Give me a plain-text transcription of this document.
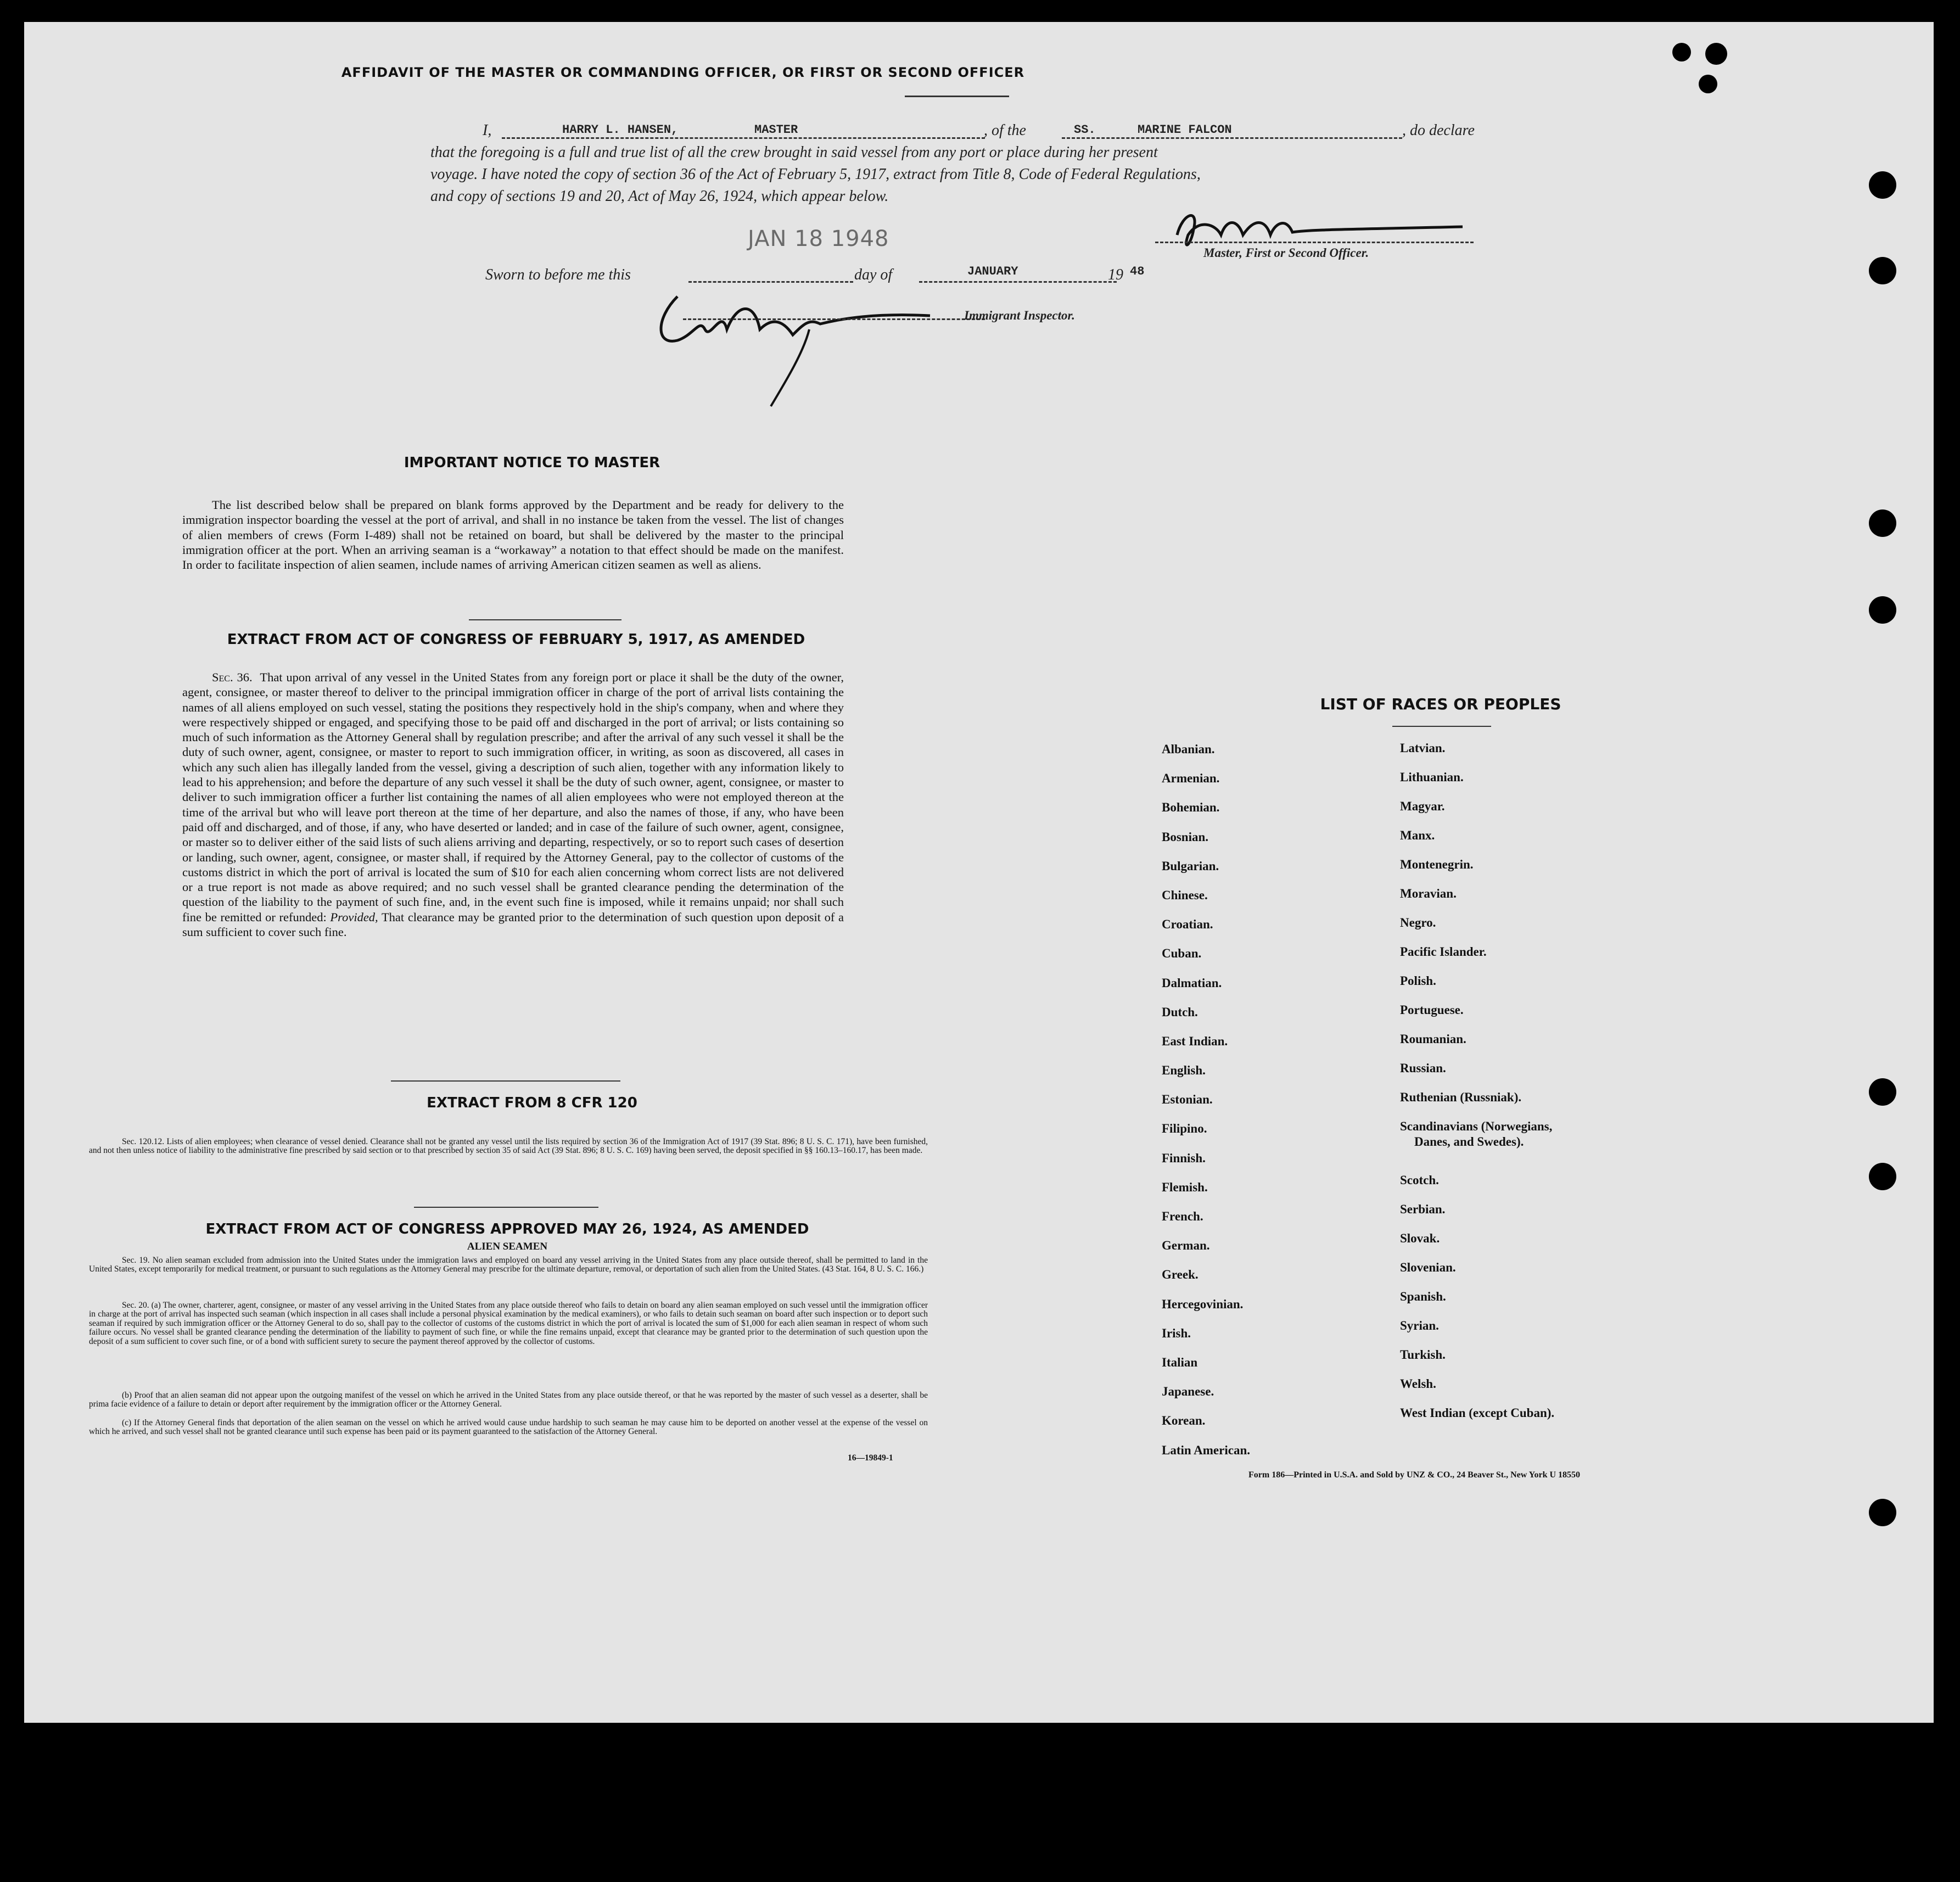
AFFIDAVIT OF THE MASTER OR COMMANDING OFFICER, OR FIRST OR SECOND OFFICER
I,	HARRY L. HANSEN,	MASTER	, of the	SS.	MARINE FALCON	, do declare
that the foregoing is a full and true list of all the crew brought in said vessel from any port or place during her present
voyage. I have noted the copy of section 36 of the Act of February 5, 1917, extract from Title 8, Code of Federal Regulations,
and copy of sections 19 and 20, Act of May 26, 1924, which appear below.
JAN 18 1948
Master, First or Second Officer.
Sworn to before me this	day of	JANUARY	19 48
Immigrant Inspector.
IMPORTANT NOTICE TO MASTER
The list described below shall be prepared on blank forms approved by the Department and be ready for delivery to the immigration inspector boarding the vessel at the port of arrival, and shall in no instance be taken from the vessel. The list of changes of alien members of crews (Form I-489) shall not be retained on board, but shall be delivered by the master to the principal immigration officer at the port. When an arriving seaman is a “workaway” a notation to that effect should be made on the manifest. In order to facilitate inspection of alien seamen, include names of arriving American citizen seamen as well as aliens.
EXTRACT FROM ACT OF CONGRESS OF FEBRUARY 5, 1917, AS AMENDED
Sec. 36. That upon arrival of any vessel in the United States from any foreign port or place it shall be the duty of the owner, agent, consignee, or master thereof to deliver to the principal immigration officer in charge of the port of arrival lists containing the names of all aliens employed on such vessel, stating the positions they respectively hold in the ship's company, when and where they were respectively shipped or engaged, and specifying those to be paid off and discharged in the port of arrival; or lists containing so much of such information as the Attorney General shall by regulation prescribe; and after the arrival of any such vessel it shall be the duty of such owner, agent, consignee, or master to report to such immigration officer, in writing, as soon as discovered, all cases in which any such alien has illegally landed from the vessel, giving a description of such alien, together with any information likely to lead to his apprehension; and before the departure of any such vessel it shall be the duty of such owner, agent, consignee, or master to deliver to such immigration officer a further list containing the names of all alien employees who were not employed thereon at the time of the arrival but who will leave port thereon at the time of her departure, and also the names of those, if any, who have been paid off and discharged, and of those, if any, who have deserted or landed; and in case of the failure of such owner, agent, consignee, or master so to deliver either of the said lists of such aliens arriving and departing, respectively, or so to report such cases of desertion or landing, such owner, agent, consignee, or master shall, if required by the Attorney General, pay to the collector of customs of the customs district in which the port of arrival is located the sum of $10 for each alien concerning whom correct lists are not delivered or a true report is not made as above required; and no such vessel shall be granted clearance pending the determination of the question of the liability to the payment of such fine, and, in the event such fine is imposed, while it remains unpaid; nor shall such fine be remitted or refunded: Provided, That clearance may be granted prior to the determination of such question upon deposit of a sum sufficient to cover such fine.
EXTRACT FROM 8 CFR 120
Sec. 120.12. Lists of alien employees; when clearance of vessel denied. Clearance shall not be granted any vessel until the lists required by section 36 of the Immigration Act of 1917 (39 Stat. 896; 8 U. S. C. 171), have been furnished, and not then unless notice of liability to the administrative fine prescribed by said section or to that prescribed by section 35 of said Act (39 Stat. 896; 8 U. S. C. 169) having been served, the deposit specified in §§ 160.13–160.17, has been made.
EXTRACT FROM ACT OF CONGRESS APPROVED MAY 26, 1924, AS AMENDED
ALIEN SEAMEN
Sec. 19. No alien seaman excluded from admission into the United States under the immigration laws and employed on board any vessel arriving in the United States from any place outside thereof, shall be permitted to land in the United States, except temporarily for medical treatment, or pursuant to such regulations as the Attorney General may prescribe for the ultimate departure, removal, or deportation of such alien from the United States. (43 Stat. 164, 8 U. S. C. 166.)
Sec. 20. (a) The owner, charterer, agent, consignee, or master of any vessel arriving in the United States from any place outside thereof who fails to detain on board any alien seaman employed on such vessel until the immigration officer in charge at the port of arrival has inspected such seaman (which inspection in all cases shall include a personal physical examination by the medical examiners), or who fails to detain such seaman on board after such inspection or to deport such seaman if required by such immigration officer or the Attorney General to do so, shall pay to the collector of customs of the customs district in which the port of arrival is located the sum of $1,000 for each alien seaman in respect of whom such failure occurs. No vessel shall be granted clearance pending the determination of the liability to payment of such fine, or while the fine remains unpaid, except that clearance may be granted prior to the determination of such question upon the deposit of a sum sufficient to cover such fine, or of a bond with sufficient surety to secure the payment thereof approved by the collector of customs.
(b) Proof that an alien seaman did not appear upon the outgoing manifest of the vessel on which he arrived in the United States from any place outside thereof, or that he was reported by the master of such vessel as a deserter, shall be prima facie evidence of a failure to detain or deport after requirement by the immigration officer or the Attorney General.
(c) If the Attorney General finds that deportation of the alien seaman on the vessel on which he arrived would cause undue hardship to such seaman he may cause him to be deported on another vessel at the expense of the vessel on which he arrived, and such vessel shall not be granted clearance until such expense has been paid or its payment guaranteed to the satisfaction of the Attorney General.
16—19849-1
LIST OF RACES OR PEOPLES
Albanian.
Armenian.
Bohemian.
Bosnian.
Bulgarian.
Chinese.
Croatian.
Cuban.
Dalmatian.
Dutch.
East Indian.
English.
Estonian.
Filipino.
Finnish.
Flemish.
French.
German.
Greek.
Hercegovinian.
Irish.
Italian
Japanese.
Korean.
Latin American.
Latvian.
Lithuanian.
Magyar.
Manx.
Montenegrin.
Moravian.
Negro.
Pacific Islander.
Polish.
Portuguese.
Roumanian.
Russian.
Ruthenian (Russniak).
Scandinavians (Norwegians,
Danes, and Swedes).
Scotch.
Serbian.
Slovak.
Slovenian.
Spanish.
Syrian.
Turkish.
Welsh.
West Indian (except Cuban).
Form 186—Printed in U.S.A. and Sold by UNZ & CO., 24 Beaver St., New York U 18550
